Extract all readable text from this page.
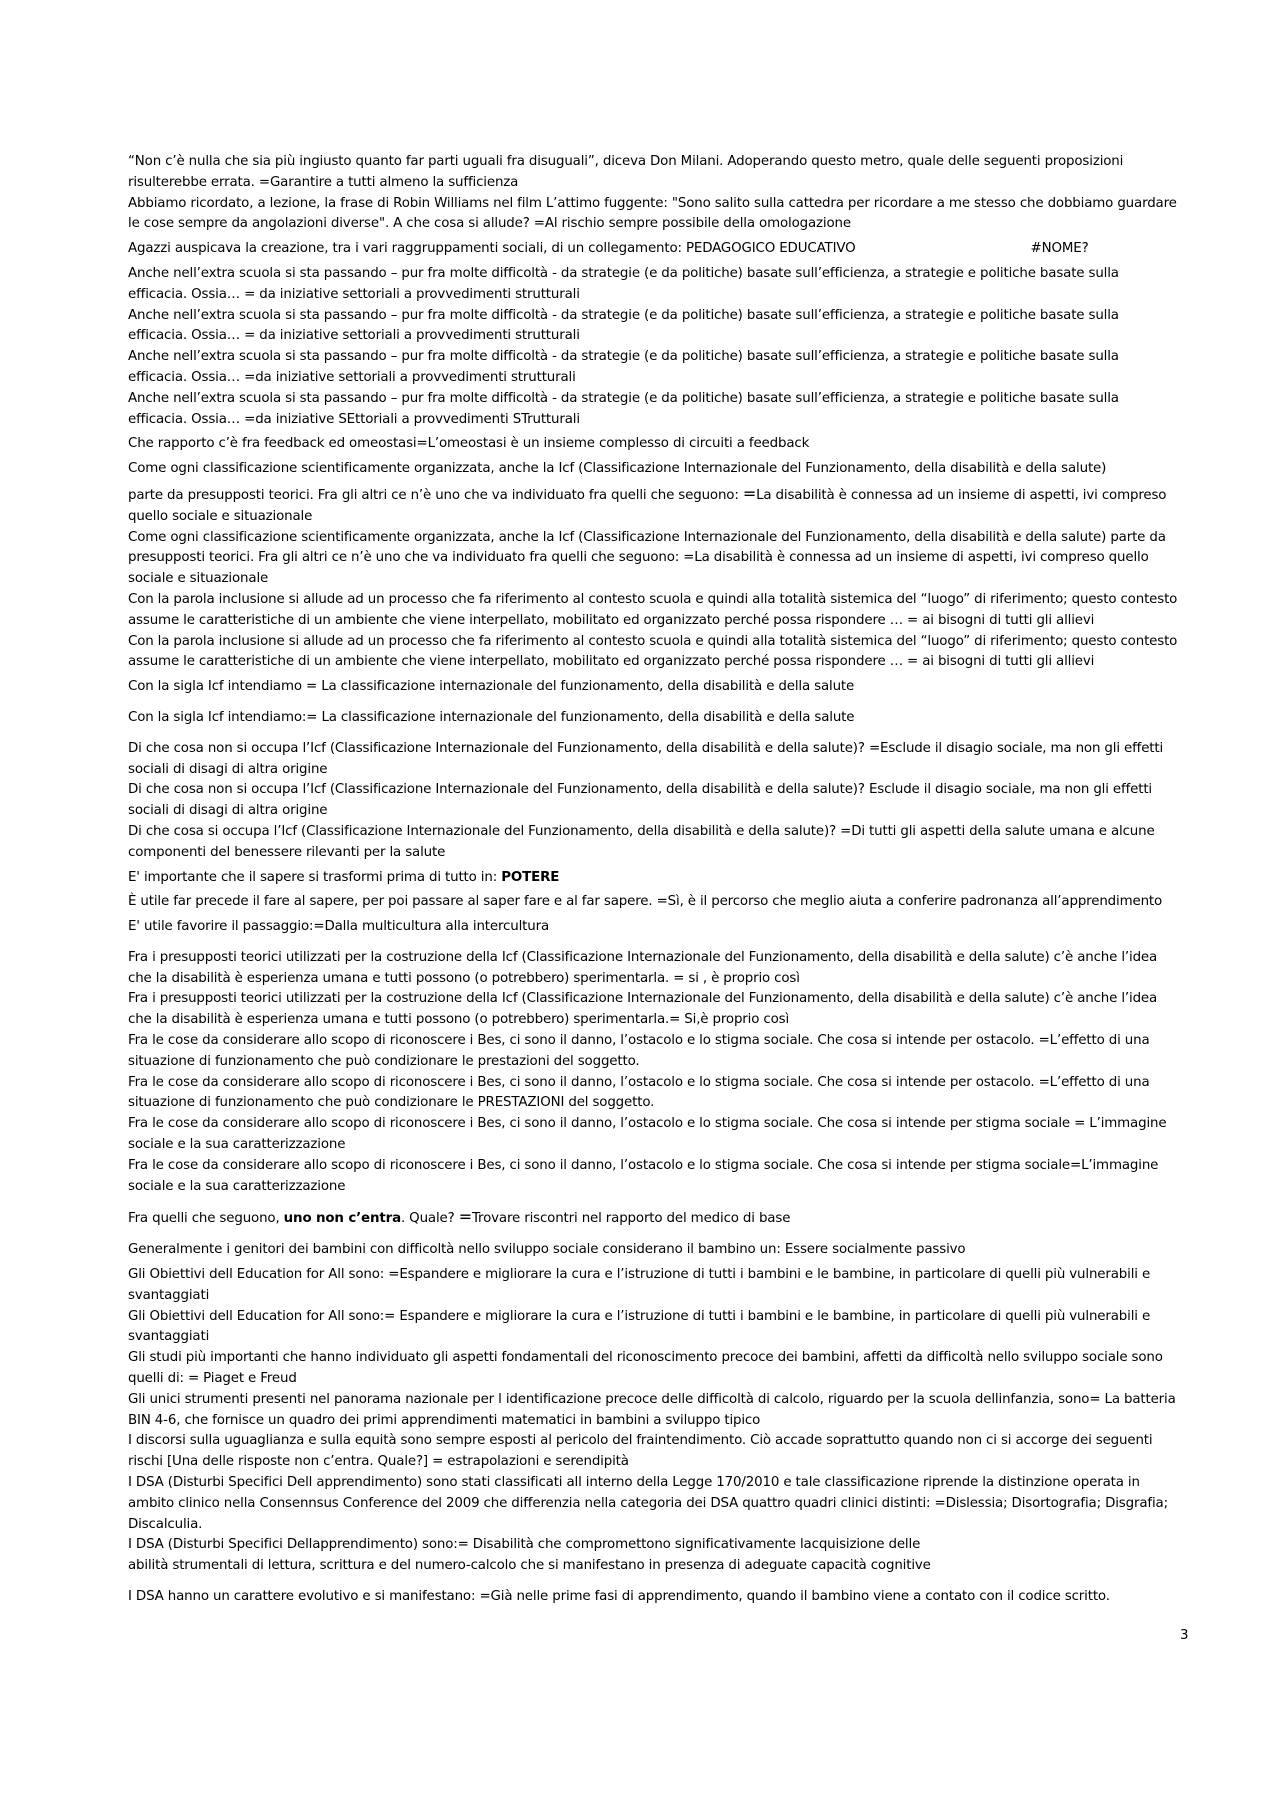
“Non c’è nulla che sia più ingiusto quanto far parti uguali fra disuguali”, diceva Don Milani. Adoperando questo metro, quale delle seguenti proposizioni risulterebbe errata. =Garantire a tutti almeno la sufficienza

Abbiamo ricordato, a lezione, la frase di Robin Williams nel film L’attimo fuggente: "Sono salito sulla cattedra per ricordare a me stesso che dobbiamo guardare le cose sempre da angolazioni diverse". A che cosa si allude? =Al rischio sempre possibile della omologazione

Agazzi auspicava la creazione, tra i vari raggruppamenti sociali, di un collegamento: PEDAGOGICO EDUCATIVO	#NOME?

Anche nell’extra scuola si sta passando – pur fra molte difficoltà - da strategie (e da politiche) basate sull’efficienza, a strategie e politiche basate sulla efficacia. Ossia… = da iniziative settoriali a provvedimenti strutturali

Anche nell’extra scuola si sta passando – pur fra molte difficoltà - da strategie (e da politiche) basate sull’efficienza, a strategie e politiche basate sulla efficacia. Ossia… = da iniziative settoriali a provvedimenti strutturali

Anche nell’extra scuola si sta passando – pur fra molte difficoltà - da strategie (e da politiche) basate sull’efficienza, a strategie e politiche basate sulla efficacia. Ossia… =da iniziative settoriali a provvedimenti strutturali

Anche nell’extra scuola si sta passando – pur fra molte difficoltà - da strategie (e da politiche) basate sull’efficienza, a strategie e politiche basate sulla efficacia. Ossia… =da iniziative SEttoriali a provvedimenti STrutturali

Che rapporto c’è fra feedback ed omeostasi=L’omeostasi è un insieme complesso di circuiti a feedback

Come ogni classificazione scientificamente organizzata, anche la Icf (Classificazione Internazionale del Funzionamento, della disabilità e della salute)

parte da presupposti teorici. Fra gli altri ce n’è uno che va individuato fra quelli che seguono: =La disabilità è connessa ad un insieme di aspetti, ivi compreso quello sociale e situazionale

Come ogni classificazione scientificamente organizzata, anche la Icf (Classificazione Internazionale del Funzionamento, della disabilità e della salute) parte da presupposti teorici. Fra gli altri ce n’è uno che va individuato fra quelli che seguono: =La disabilità è connessa ad un insieme di aspetti, ivi compreso quello sociale e situazionale

Con la parola inclusione si allude ad un processo che fa riferimento al contesto scuola e quindi alla totalità sistemica del “luogo” di riferimento; questo contesto assume le caratteristiche di un ambiente che viene interpellato, mobilitato ed organizzato perché possa rispondere … = ai bisogni di tutti gli allievi

Con la parola inclusione si allude ad un processo che fa riferimento al contesto scuola e quindi alla totalità sistemica del “luogo” di riferimento; questo contesto assume le caratteristiche di un ambiente che viene interpellato, mobilitato ed organizzato perché possa rispondere … = ai bisogni di tutti gli allievi

Con la sigla Icf intendiamo = La classificazione internazionale del funzionamento, della disabilità e della salute

Con la sigla Icf intendiamo:= La classificazione internazionale del funzionamento, della disabilità e della salute

Di che cosa non si occupa l’Icf (Classificazione Internazionale del Funzionamento, della disabilità e della salute)? =Esclude il disagio sociale, ma non gli effetti sociali di disagi di altra origine

Di che cosa non si occupa l’Icf (Classificazione Internazionale del Funzionamento, della disabilità e della salute)? Esclude il disagio sociale, ma non gli effetti sociali di disagi di altra origine

Di che cosa si occupa l’Icf (Classificazione Internazionale del Funzionamento, della disabilità e della salute)? =Di tutti gli aspetti della salute umana e alcune componenti del benessere rilevanti per la salute

E' importante che il sapere si trasformi prima di tutto in: POTERE

È utile far precede il fare al sapere, per poi passare al saper fare e al far sapere. =Sì, è il percorso che meglio aiuta a conferire padronanza all’apprendimento

E' utile favorire il passaggio:=Dalla multicultura alla intercultura

Fra i presupposti teorici utilizzati per la costruzione della Icf (Classificazione Internazionale del Funzionamento, della disabilità e della salute) c’è anche l’idea che la disabilità è esperienza umana e tutti possono (o potrebbero) sperimentarla. = si , è proprio così

Fra i presupposti teorici utilizzati per la costruzione della Icf (Classificazione Internazionale del Funzionamento, della disabilità e della salute) c’è anche l’idea che la disabilità è esperienza umana e tutti possono (o potrebbero) sperimentarla.= Si,è proprio così

Fra le cose da considerare allo scopo di riconoscere i Bes, ci sono il danno, l’ostacolo e lo stigma sociale. Che cosa si intende per ostacolo. =L’effetto di una situazione di funzionamento che può condizionare le prestazioni del soggetto.

Fra le cose da considerare allo scopo di riconoscere i Bes, ci sono il danno, l’ostacolo e lo stigma sociale. Che cosa si intende per ostacolo. =L’effetto di una situazione di funzionamento che può condizionare le PRESTAZIONI del soggetto.

Fra le cose da considerare allo scopo di riconoscere i Bes, ci sono il danno, l’ostacolo e lo stigma sociale. Che cosa si intende per stigma sociale = L’immagine sociale e la sua caratterizzazione

Fra le cose da considerare allo scopo di riconoscere i Bes, ci sono il danno, l’ostacolo e lo stigma sociale. Che cosa si intende per stigma sociale=L’immagine sociale e la sua caratterizzazione

Fra quelli che seguono, uno non c’entra. Quale? =Trovare riscontri nel rapporto del medico di base

Generalmente i genitori dei bambini con difficoltà nello sviluppo sociale considerano il bambino un: Essere socialmente passivo

Gli Obiettivi dell Education for All sono: =Espandere e migliorare la cura e l’istruzione di tutti i bambini e le bambine, in particolare di quelli più vulnerabili e svantaggiati

Gli Obiettivi dell Education for All sono:= Espandere e migliorare la cura e l’istruzione di tutti i bambini e le bambine, in particolare di quelli più vulnerabili e svantaggiati

Gli studi più importanti che hanno individuato gli aspetti fondamentali del riconoscimento precoce dei bambini, affetti da difficoltà nello sviluppo sociale sono quelli di: = Piaget e Freud

Gli unici strumenti presenti nel panorama nazionale per l identificazione precoce delle difficoltà di calcolo, riguardo per la scuola dellinfanzia, sono= La batteria BIN 4-6, che fornisce un quadro dei primi apprendimenti matematici in bambini a sviluppo tipico

I discorsi sulla uguaglianza e sulla equità sono sempre esposti al pericolo del fraintendimento. Ciò accade soprattutto quando non ci si accorge dei seguenti rischi [Una delle risposte non c’entra. Quale?] = estrapolazioni e serendipità

I DSA (Disturbi Specifici Dell apprendimento) sono stati classificati all interno della Legge 170/2010 e tale classificazione riprende la distinzione operata in ambito clinico nella Consennsus Conference del 2009 che differenzia nella categoria dei DSA quattro quadri clinici distinti: =Dislessia; Disortografia; Disgrafia; Discalculia.

I DSA (Disturbi Specifici Dellapprendimento) sono:= Disabilità che compromettono significativamente lacquisizione delle

abilità strumentali di lettura, scrittura e del numero-calcolo che si manifestano in presenza di adeguate capacità cognitive

I DSA hanno un carattere evolutivo e si manifestano: =Già nelle prime fasi di apprendimento, quando il bambino viene a contato con il codice scritto.

3
